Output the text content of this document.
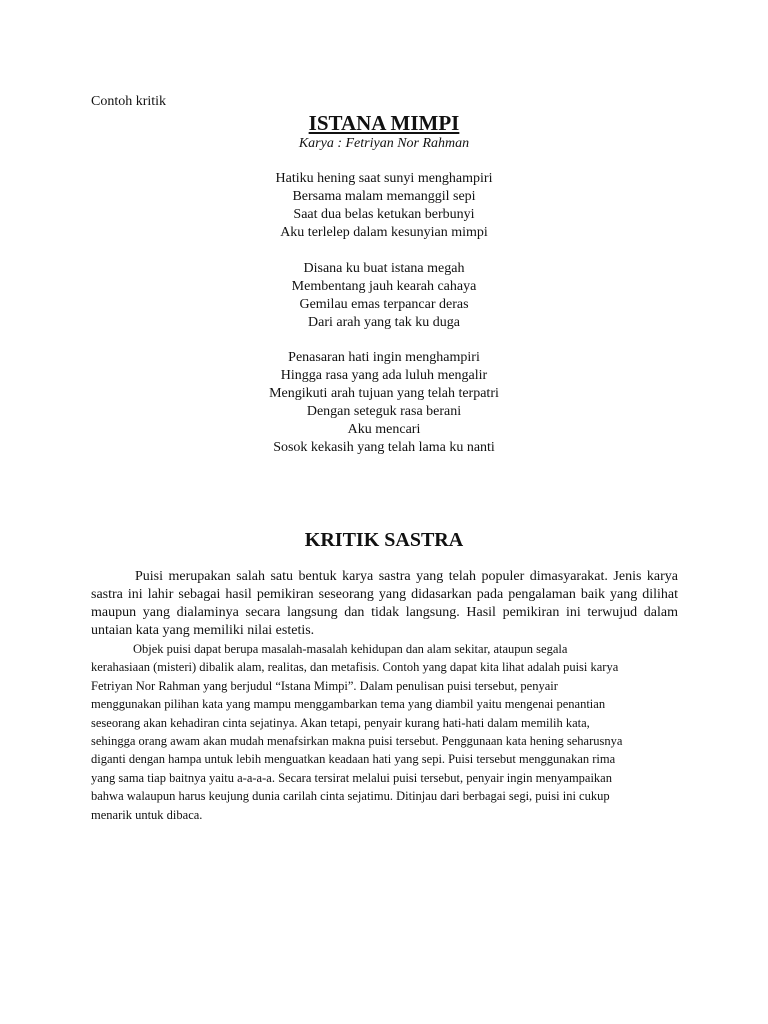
Contoh kritik
ISTANA MIMPI
Karya : Fetriyan Nor Rahman
Hatiku hening saat sunyi menghampiri
Bersama malam memanggil sepi
Saat dua belas ketukan berbunyi
Aku terlelep dalam kesunyian mimpi
Disana ku buat istana megah
Membentang jauh kearah cahaya
Gemilau emas terpancar deras
Dari arah yang tak ku duga
Penasaran hati ingin menghampiri
Hingga rasa yang ada luluh mengalir
Mengikuti arah tujuan yang telah terpatri
Dengan seteguk rasa berani
Aku mencari
Sosok kekasih yang telah lama ku nanti
KRITIK SASTRA
Puisi merupakan salah satu bentuk karya sastra yang telah populer dimasyarakat. Jenis karya sastra ini lahir sebagai hasil pemikiran seseorang yang didasarkan pada pengalaman baik yang dilihat maupun yang dialaminya secara langsung dan tidak langsung. Hasil pemikiran ini terwujud dalam untaian kata yang memiliki nilai estetis.
Objek puisi dapat berupa masalah-masalah kehidupan dan alam sekitar, ataupun segala
kerahasiaan (misteri) dibalik alam, realitas, dan metafisis. Contoh yang dapat kita lihat adalah puisi karya
Fetriyan Nor Rahman yang berjudul “Istana Mimpi”. Dalam penulisan puisi tersebut, penyair
menggunakan pilihan kata yang mampu menggambarkan tema yang diambil yaitu mengenai penantian
seseorang akan kehadiran cinta sejatinya. Akan tetapi, penyair kurang hati-hati dalam memilih kata,
sehingga orang awam akan mudah menafsirkan makna puisi tersebut. Penggunaan kata hening seharusnya
diganti dengan hampa untuk lebih menguatkan keadaan hati yang sepi. Puisi tersebut menggunakan rima
yang sama tiap baitnya yaitu a-a-a-a. Secara tersirat melalui puisi tersebut, penyair ingin menyampaikan
bahwa walaupun harus keujung dunia carilah cinta sejatimu. Ditinjau dari berbagai segi, puisi ini cukup
menarik untuk dibaca.
